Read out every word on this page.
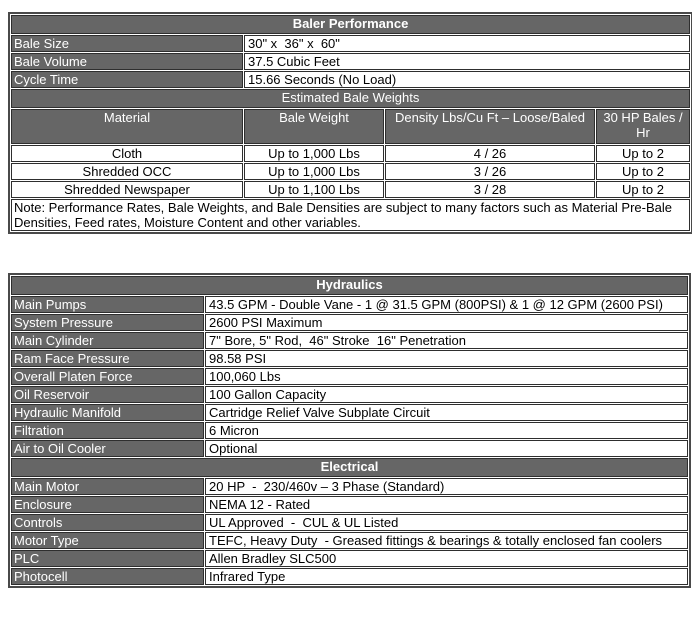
Baler Performance			
Bale Size	30" x  36" x  60"		
Bale Volume	37.5 Cubic Feet		
Cycle Time	15.66 Seconds (No Load)		
Estimated Bale Weights			
Material	Bale Weight	Density Lbs/Cu Ft – Loose/Baled	30 HP Bales / Hr
Cloth	Up to 1,000 Lbs	4 / 26	Up to 2
Shredded OCC	Up to 1,000 Lbs	3 / 26	Up to 2
Shredded Newspaper	Up to 1,100 Lbs	3 / 28	Up to 2
Note: Performance Rates, Bale Weights, and Bale Densities are subject to many factors such as Material Pre-Bale Densities, Feed rates, Moisture Content and other variables.			
Hydraulics	
Main Pumps	43.5 GPM - Double Vane - 1 @ 31.5 GPM (800PSI) & 1 @ 12 GPM (2600 PSI)
System Pressure	2600 PSI Maximum
Main Cylinder	7" Bore, 5" Rod,  46" Stroke  16" Penetration
Ram Face Pressure	98.58 PSI
Overall Platen Force	100,060 Lbs
Oil Reservoir	100 Gallon Capacity
Hydraulic Manifold	Cartridge Relief Valve Subplate Circuit
Filtration	6 Micron
Air to Oil Cooler	Optional
Electrical	
Main Motor	20 HP  -  230/460v – 3 Phase (Standard)
Enclosure	NEMA 12 - Rated
Controls	UL Approved  -  CUL & UL Listed
Motor Type	TEFC, Heavy Duty  - Greased fittings & bearings & totally enclosed fan coolers
PLC	Allen Bradley SLC500
Photocell	Infrared Type
